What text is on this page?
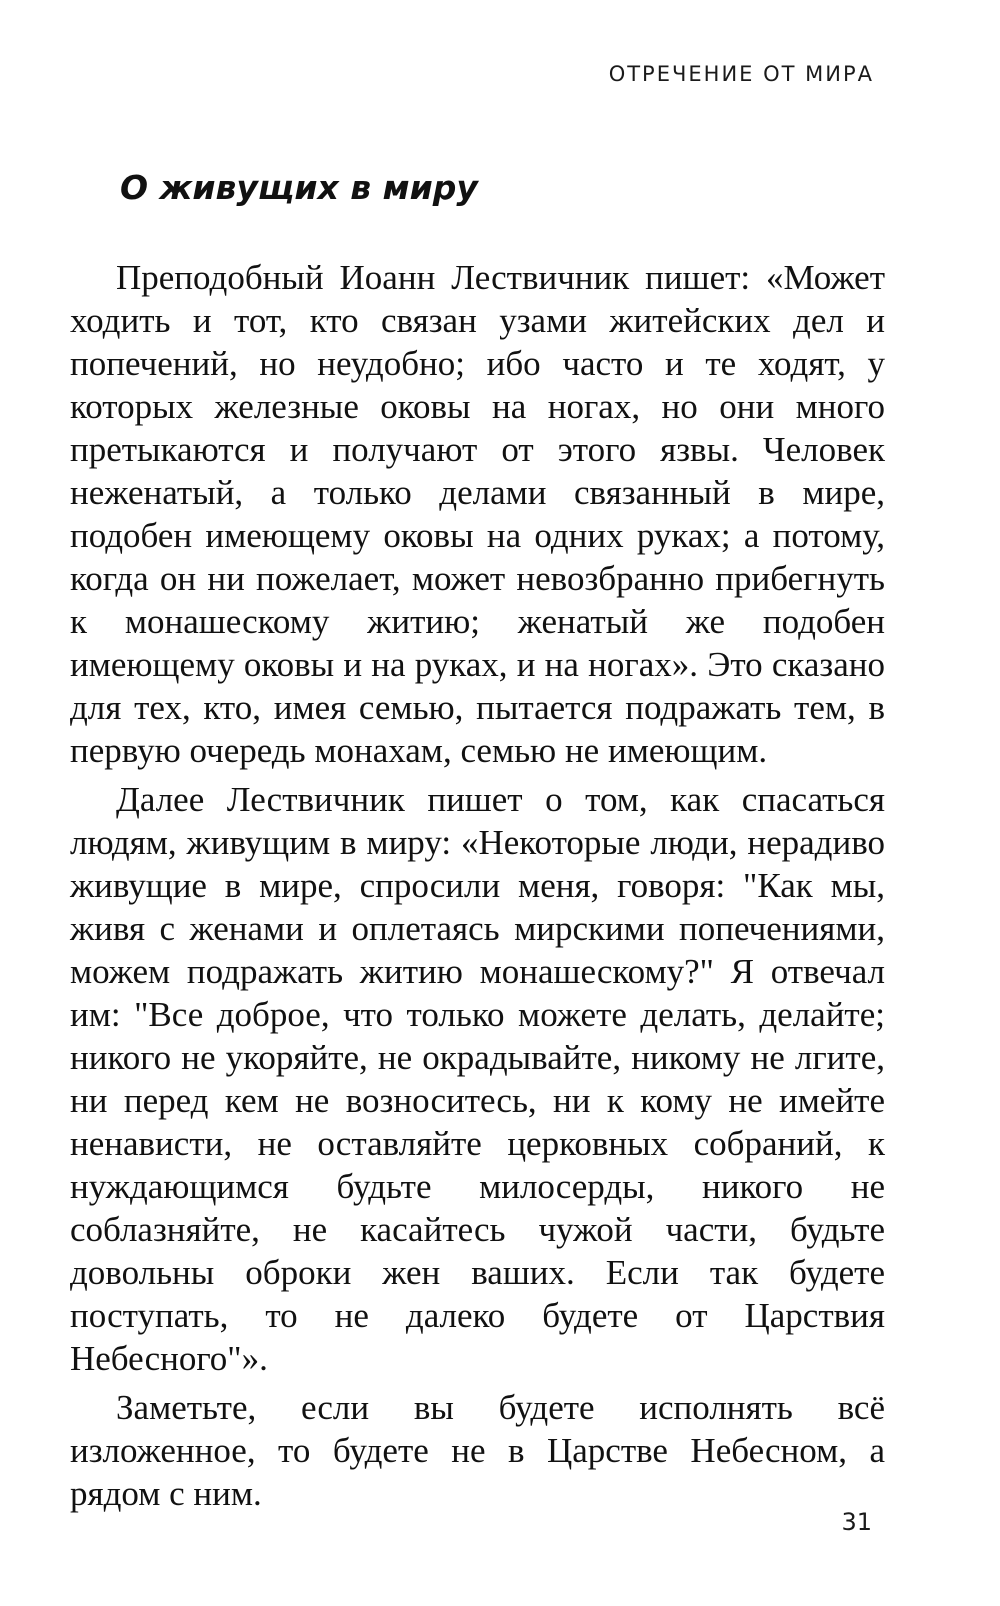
ОТРЕЧЕНИЕ ОТ МИРА
О живущих в миру

Преподобный Иоанн Лествичник пишет: «Может ходить и тот, кто связан узами житейских дел и попечений, но неудобно; ибо часто и те ходят, у которых железные оковы на ногах, но они много претыкаются и получают от этого язвы. Человек неженатый, а только делами связанный в мире, подобен имеющему оковы на одних руках; а потому, когда он ни пожелает, может невозбранно прибегнуть к монашескому житию; женатый же подобен имеющему оковы и на руках, и на ногах». Это сказано для тех, кто, имея семью, пытается подражать тем, в первую очередь монахам, семью не имеющим.

Далее Лествичник пишет о том, как спасаться людям, живущим в миру: «Некоторые люди, нерадиво живущие в мире, спросили меня, говоря: "Как мы, живя с женами и оплетаясь мирскими попечениями, можем подражать житию монашескому?" Я отвечал им: "Все доброе, что только можете делать, делайте; никого не укоряйте, не окрадывайте, никому не лгите, ни перед кем не возноситесь, ни к кому не имейте ненависти, не оставляйте церковных собраний, к нуждающимся будьте милосерды, никого не соблазняйте, не касайтесь чужой части, будьте довольны оброки жен ваших. Если так будете поступать, то не далеко будете от Царствия Небесного"».

Заметьте, если вы будете исполнять всё изложенное, то будете не в Царстве Небесном, а рядом с ним.

31
